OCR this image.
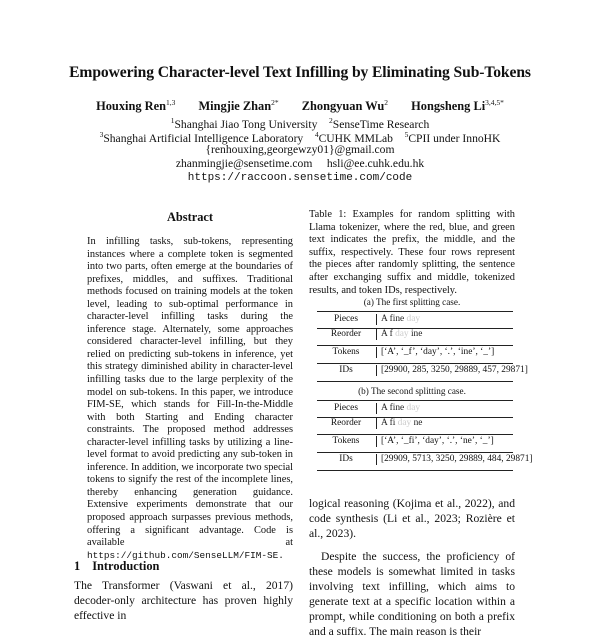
Empowering Character-level Text Infilling by Eliminating Sub-Tokens
Houxing Ren$^{1,3}$ Mingjie Zhan$^{2*}$ Zhongyuan Wu$^2$ Hongsheng $Li^{3,4,5*}$
$^1$Shanghai Jiao Tong University $^2$SenseTime Research
$^3$Shanghai Artificial Intelligence Laboratory $^4$CUHK MMLab $^5$CPII under InnoHK
{renhouxing,georgewzy01}@gmail.com
zhanmingjie@sensetime.com hsli@ee.cuhk.edu.hk
https://raccoon.sensetime.com/code
Abstract
In infilling tasks, sub-tokens, representing instances where a complete token is segmented into two parts, often emerge at the boundaries of prefixes, middles, and suffixes. Traditional methods focused on training models at the token level, leading to sub-optimal performance in character-level infilling tasks during the inference stage. Alternately, some approaches considered character-level infilling, but they relied on predicting sub-tokens in inference, yet this strategy diminished ability in character-level infilling tasks due to the large perplexity of the model on sub-tokens. In this paper, we introduce FIM-SE, which stands for Fill-In-the-Middle with both Starting and Ending character constraints. The proposed method addresses character-level infilling tasks by utilizing a line-level format to avoid predicting any sub-token in inference. In addition, we incorporate two special tokens to signify the rest of the incomplete lines, thereby enhancing generation guidance. Extensive experiments demonstrate that our proposed approach surpasses previous methods, offering a significant advantage. Code is available at https://github.com/SenseLLM/FIM-SE.
1 Introduction
The Transformer (Vaswani et al., 2017) decoder-only architecture has proven highly effective in
Table 1: Examples for random splitting with Llama tokenizer, where the red, blue, and green text indicates the prefix, the middle, and the suffix, respectively. These four rows represent the pieces after randomly splitting, the sentence after exchanging suffix and middle, tokenized results, and token IDs, respectively.
(a) The first splitting case.
Pieces	A fine day
Reorder	A f day ine
Tokens	[‘A’, ‘_f’, ‘day’, ‘.’, ‘ine’, ‘_’]
IDs	[29900, 285, 3250, 29889, 457, 29871]
(b) The second splitting case.
Pieces	A fine day
Reorder	A fi day ne
Tokens	[‘A’, ‘_fi’, ‘day’, ‘.’, ‘ne’, ‘_’]
IDs	[29909, 5713, 3250, 29889, 484, 29871]

logical reasoning (Kojima et al., 2022), and code synthesis (Li et al., 2023; Rozière et al., 2023).

Despite the success, the proficiency of these models is somewhat limited in tasks involving text infilling, which aims to generate text at a specific location within a prompt, while conditioning on both a prefix and a suffix. The main reason is their
